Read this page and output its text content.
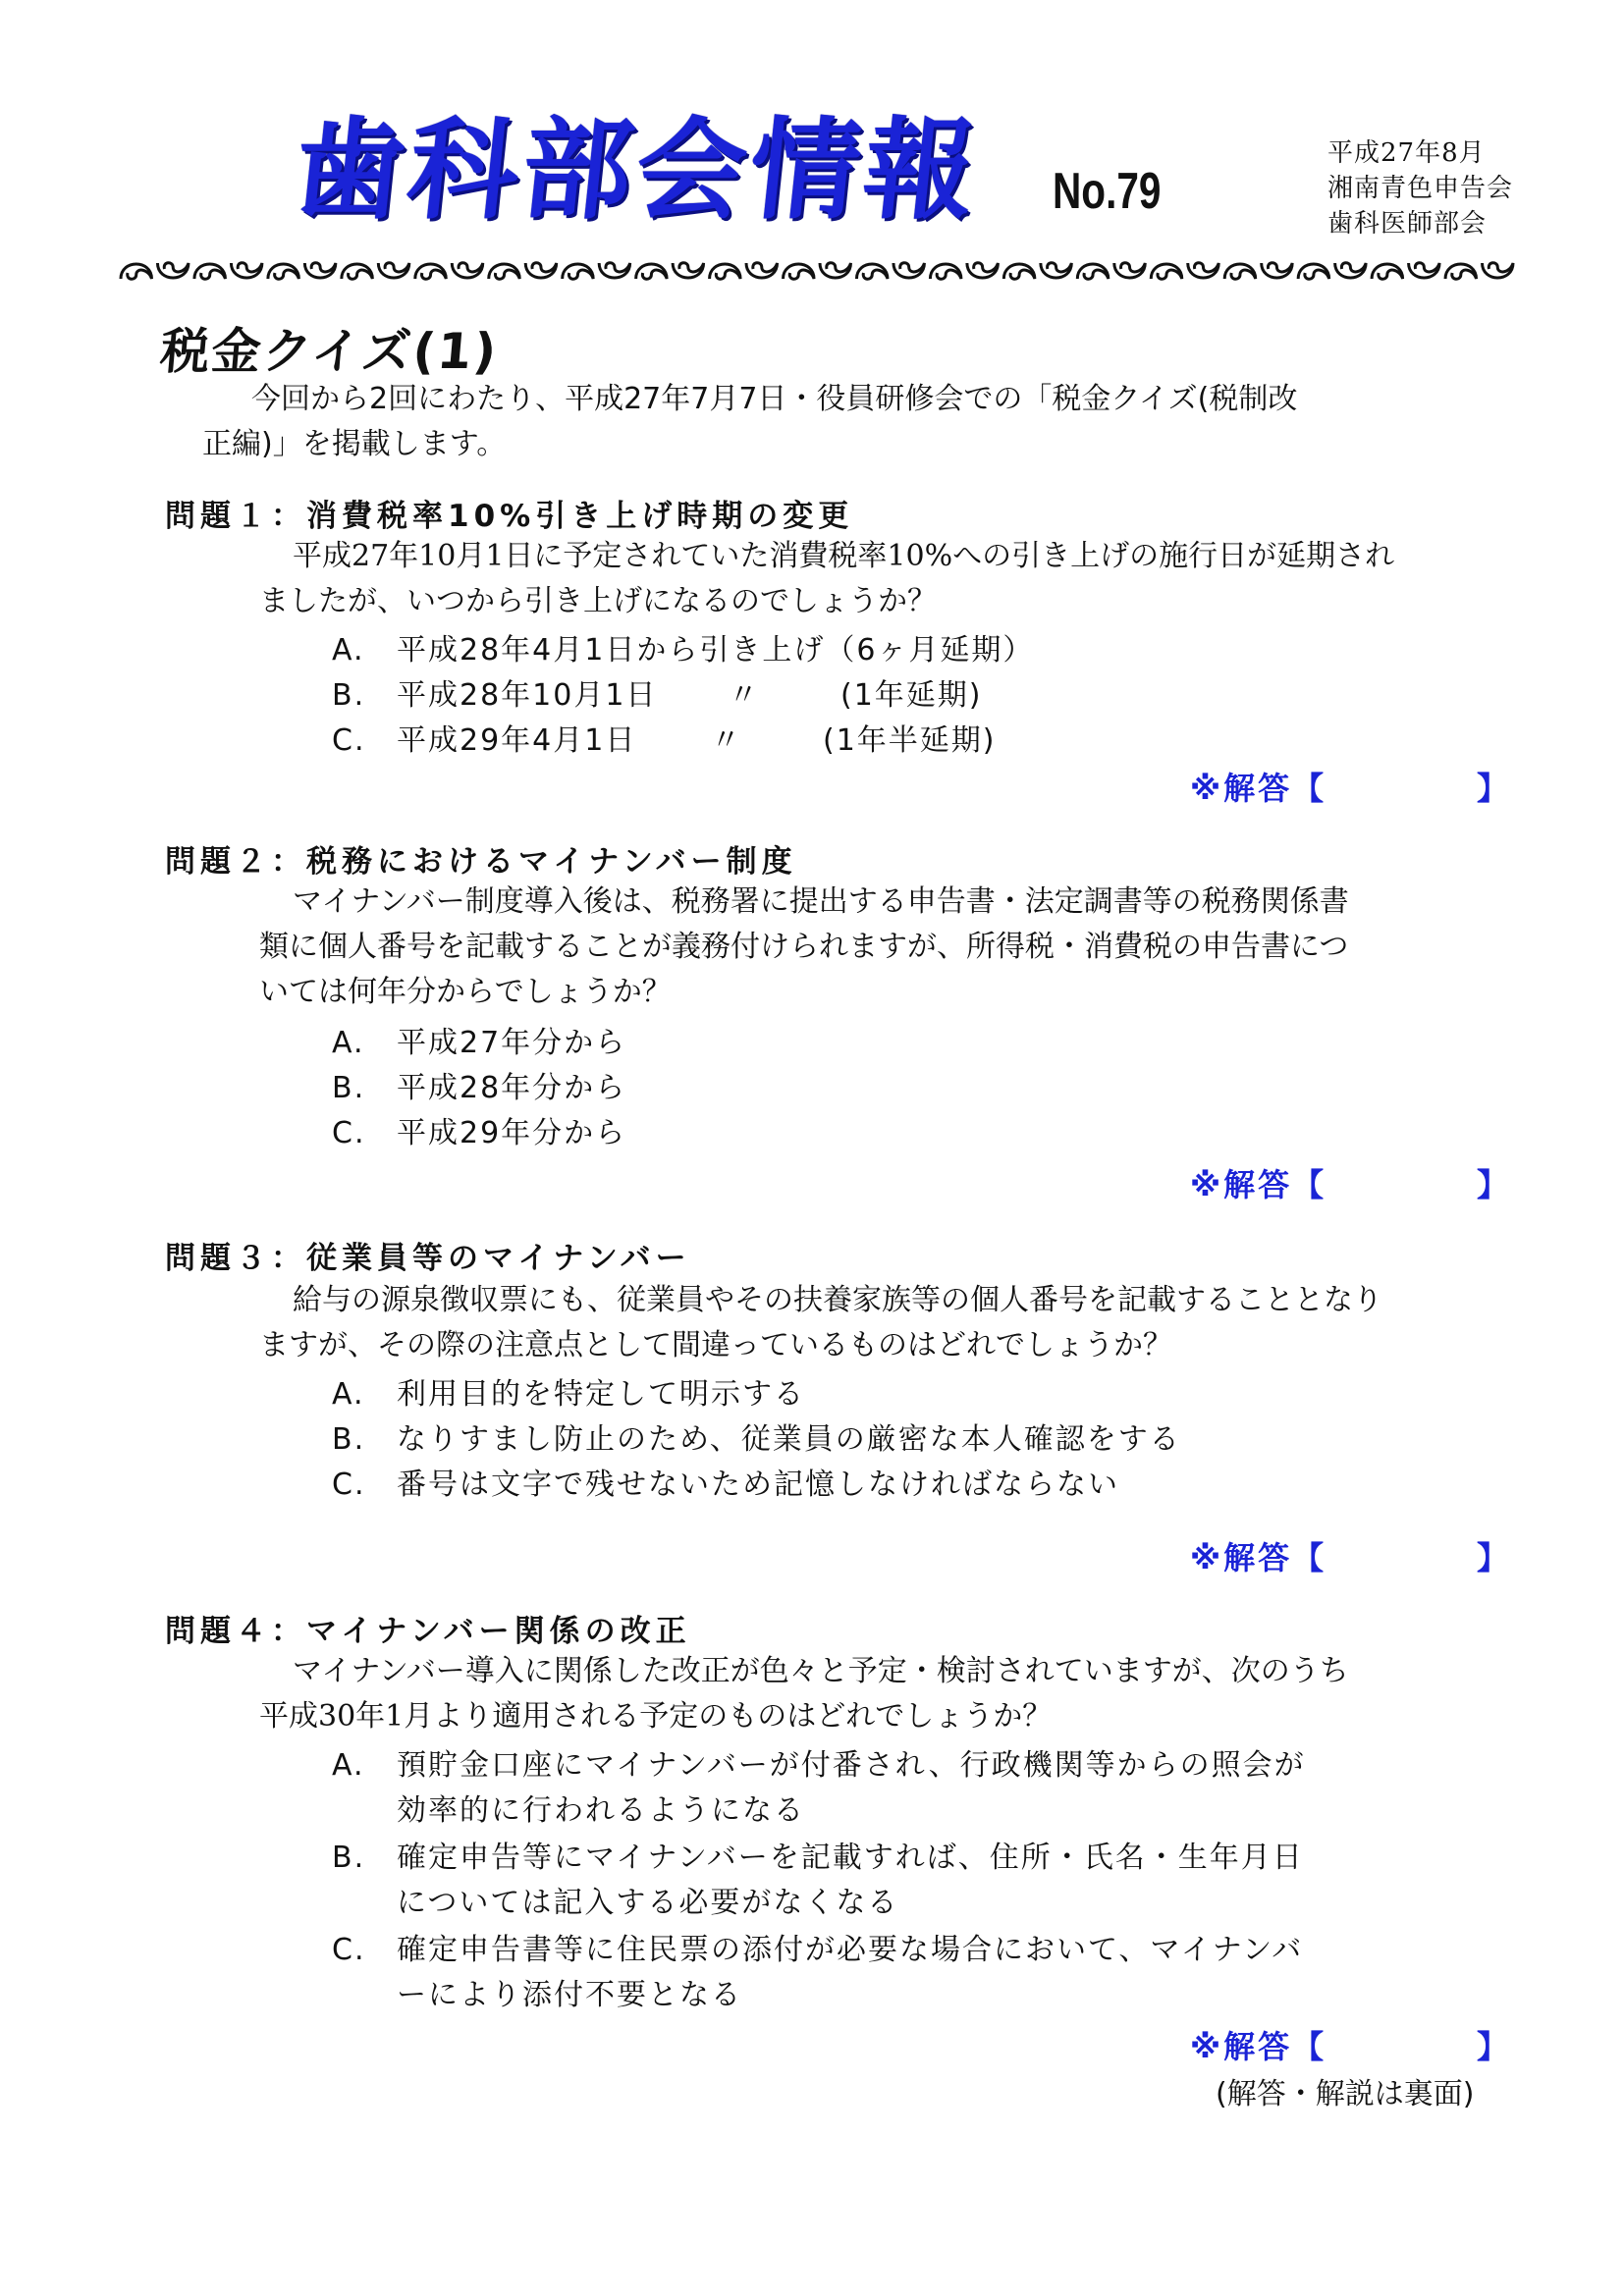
歯科部会情報 No.79
平成27年8月
湘南青色申告会
歯科医師部会
税金クイズ(1)
今回から2回にわたり、平成27年7月7日・役員研修会での「税金クイズ(税制改
正編)」を掲載します。
問題１：消費税率10%引き上げ時期の変更
平成27年10月1日に予定されていた消費税率10%への引き上げの施行日が延期され
ましたが、いつから引き上げになるのでしょうか？
A. 平成28年4月1日から引き上げ（6ヶ月延期）
B. 平成28年10月1日 〃	(1年延期)
C. 平成29年4月1日	〃	(1年半延期)
※解答【	】
問題２：税務におけるマイナンバー制度
マイナンバー制度導入後は、税務署に提出する申告書・法定調書等の税務関係書
類に個人番号を記載することが義務付けられますが、所得税・消費税の申告書につ
いては何年分からでしょうか？
A. 平成27年分から
B. 平成28年分から
C. 平成29年分から
※解答【	】
問題３：従業員等のマイナンバー
給与の源泉徴収票にも、従業員やその扶養家族等の個人番号を記載することとなり
ますが、その際の注意点として間違っているものはどれでしょうか？
A. 利用目的を特定して明示する
B. なりすまし防止のため、従業員の厳密な本人確認をする
C. 番号は文字で残せないため記憶しなければならない
※解答【	】
問題４：マイナンバー関係の改正
マイナンバー導入に関係した改正が色々と予定・検討されていますが、次のうち
平成30年1月より適用される予定のものはどれでしょうか？
A. 預貯金口座にマイナンバーが付番され、行政機関等からの照会が
効率的に行われるようになる
B. 確定申告等にマイナンバーを記載すれば、住所・氏名・生年月日
については記入する必要がなくなる
C. 確定申告書等に住民票の添付が必要な場合において、マイナンバ
ーにより添付不要となる
※解答【	】
(解答・解説は裏面)
